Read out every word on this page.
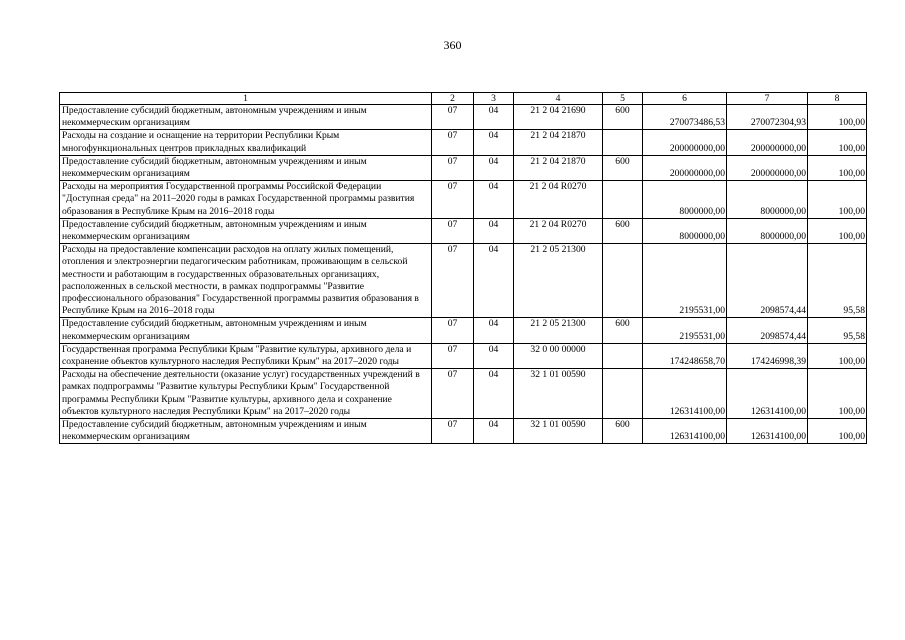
360
1	2	3	4	5	6	7	8
Предоставление субсидий бюджетным, автономным учреждениям и иным некоммерческим организациям	07	04	21 2 04 21690	600	270073486,53	270072304,93	100,00
Расходы на создание и оснащение на территории Республики Крым многофункциональных центров прикладных квалификаций	07	04	21 2 04 21870		200000000,00	200000000,00	100,00
Предоставление субсидий бюджетным, автономным учреждениям и иным некоммерческим организациям	07	04	21 2 04 21870	600	200000000,00	200000000,00	100,00
Расходы на мероприятия Государственной программы Российской Федерации "Доступная среда" на 2011–2020 годы в рамках Государственной программы развития образования в Республике Крым на 2016–2018 годы	07	04	21 2 04 R0270		8000000,00	8000000,00	100,00
Предоставление субсидий бюджетным, автономным учреждениям и иным некоммерческим организациям	07	04	21 2 04 R0270	600	8000000,00	8000000,00	100,00
Расходы на предоставление компенсации расходов на оплату жилых помещений, отопления и электроэнергии педагогическим работникам, проживающим в сельской местности и работающим в государственных образовательных организациях, расположенных в сельской местности, в рамках подпрограммы "Развитие профессионального образования" Государственной программы развития образования в Республике Крым на 2016–2018 годы	07	04	21 2 05 21300		2195531,00	2098574,44	95,58
Предоставление субсидий бюджетным, автономным учреждениям и иным некоммерческим организациям	07	04	21 2 05 21300	600	2195531,00	2098574,44	95,58
Государственная программа Республики Крым "Развитие культуры, архивного дела и сохранение объектов культурного наследия Республики Крым" на 2017–2020 годы	07	04	32 0 00 00000		174248658,70	174246998,39	100,00
Расходы на обеспечение деятельности (оказание услуг) государственных учреждений в рамках подпрограммы "Развитие культуры Республики Крым" Государственной программы Республики Крым "Развитие культуры, архивного дела и сохранение объектов культурного наследия Республики Крым" на 2017–2020 годы	07	04	32 1 01 00590		126314100,00	126314100,00	100,00
Предоставление субсидий бюджетным, автономным учреждениям и иным некоммерческим организациям	07	04	32 1 01 00590	600	126314100,00	126314100,00	100,00
